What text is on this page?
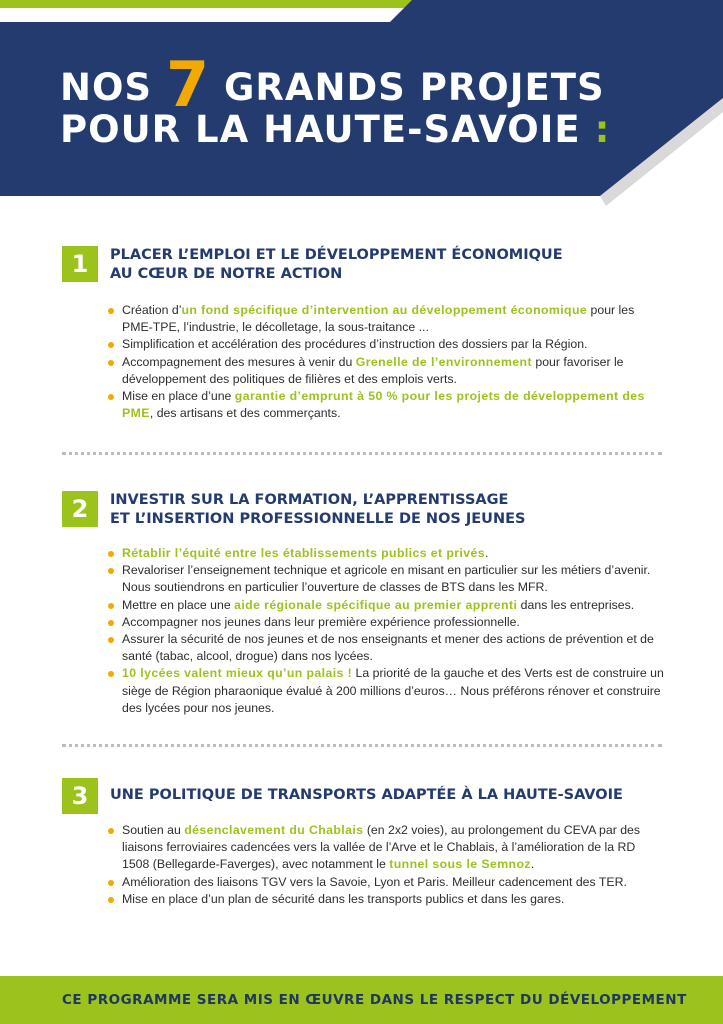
NOS 7 GRANDS PROJETS
POUR LA HAUTE-SAVOIE :
1	PLACER L’EMPLOI ET LE DÉVELOPPEMENT ÉCONOMIQUE
AU CŒUR DE NOTRE ACTION
Création d’un fond spécifique d’intervention au développement économique pour les PME-TPE, l’industrie, le décolletage, la sous-traitance ...
Simplification et accélération des procédures d’instruction des dossiers par la Région.
Accompagnement des mesures à venir du Grenelle de l’environnement pour favoriser le développement des politiques de filières et des emplois verts.
Mise en place d’une garantie d’emprunt à 50 % pour les projets de développement des PME, des artisans et des commerçants.
2	INVESTIR SUR LA FORMATION, L’APPRENTISSAGE
ET L’INSERTION PROFESSIONNELLE DE NOS JEUNES
Rétablir l’équité entre les établissements publics et privés.
Revaloriser l’enseignement technique et agricole en misant en particulier sur les métiers d’avenir. Nous soutiendrons en particulier l’ouverture de classes de BTS dans les MFR.
Mettre en place une aide régionale spécifique au premier apprenti dans les entreprises.
Accompagner nos jeunes dans leur première expérience professionnelle.
Assurer la sécurité de nos jeunes et de nos enseignants et mener des actions de prévention et de santé (tabac, alcool, drogue) dans nos lycées.
10 lycées valent mieux qu’un palais ! La priorité de la gauche et des Verts est de construire un siège de Région pharaonique évalué à 200 millions d’euros… Nous préférons rénover et construire des lycées pour nos jeunes.
3	UNE POLITIQUE DE TRANSPORTS ADAPTÉE À LA HAUTE-SAVOIE
Soutien au désenclavement du Chablais (en 2x2 voies), au prolongement du CEVA par des liaisons ferroviaires cadencées vers la vallée de l’Arve et le Chablais, à l’amélioration de la RD 1508 (Bellegarde-Faverges), avec notamment le tunnel sous le Semnoz.
Amélioration des liaisons TGV vers la Savoie, Lyon et Paris. Meilleur cadencement des TER.
Mise en place d’un plan de sécurité dans les transports publics et dans les gares.
CE PROGRAMME SERA MIS EN ŒUVRE DANS LE RESPECT DU DÉVELOPPEMENT
